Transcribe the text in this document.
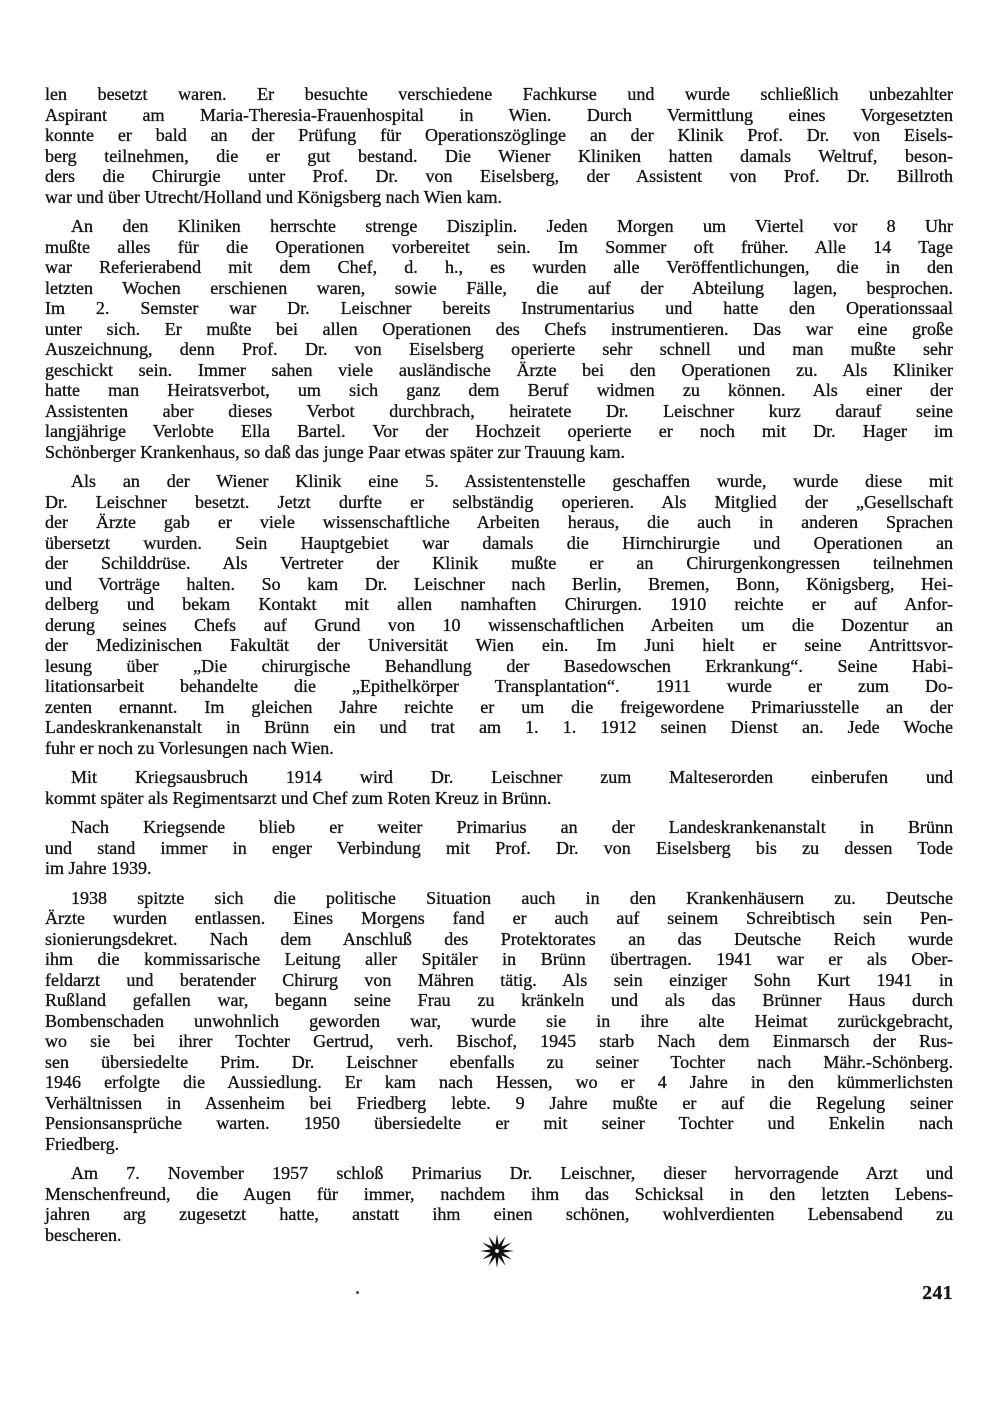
len besetzt waren. Er besuchte verschiedene Fachkurse und wurde schließlich unbezahlter
Aspirant am Maria-Theresia-Frauenhospital in Wien. Durch Vermittlung eines Vorgesetzten
konnte er bald an der Prüfung für Operationszöglinge an der Klinik Prof. Dr. von Eisels-
berg teilnehmen, die er gut bestand. Die Wiener Kliniken hatten damals Weltruf, beson-
ders die Chirurgie unter Prof. Dr. von Eiselsberg, der Assistent von Prof. Dr. Billroth
war und über Utrecht/Holland und Königsberg nach Wien kam.
An den Kliniken herrschte strenge Disziplin. Jeden Morgen um Viertel vor 8 Uhr
mußte alles für die Operationen vorbereitet sein. Im Sommer oft früher. Alle 14 Tage
war Referierabend mit dem Chef, d. h., es wurden alle Veröffentlichungen, die in den
letzten Wochen erschienen waren, sowie Fälle, die auf der Abteilung lagen, besprochen.
Im 2. Semster war Dr. Leischner bereits Instrumentarius und hatte den Operationssaal
unter sich. Er mußte bei allen Operationen des Chefs instrumentieren. Das war eine große
Auszeichnung, denn Prof. Dr. von Eiselsberg operierte sehr schnell und man mußte sehr
geschickt sein. Immer sahen viele ausländische Ärzte bei den Operationen zu. Als Kliniker
hatte man Heiratsverbot, um sich ganz dem Beruf widmen zu können. Als einer der
Assistenten aber dieses Verbot durchbrach, heiratete Dr. Leischner kurz darauf seine
langjährige Verlobte Ella Bartel. Vor der Hochzeit operierte er noch mit Dr. Hager im
Schönberger Krankenhaus, so daß das junge Paar etwas später zur Trauung kam.
Als an der Wiener Klinik eine 5. Assistentenstelle geschaffen wurde, wurde diese mit
Dr. Leischner besetzt. Jetzt durfte er selbständig operieren. Als Mitglied der „Gesellschaft
der Ärzte gab er viele wissenschaftliche Arbeiten heraus, die auch in anderen Sprachen
übersetzt wurden. Sein Hauptgebiet war damals die Hirnchirurgie und Operationen an
der Schilddrüse. Als Vertreter der Klinik mußte er an Chirurgenkongressen teilnehmen
und Vorträge halten. So kam Dr. Leischner nach Berlin, Bremen, Bonn, Königsberg, Hei-
delberg und bekam Kontakt mit allen namhaften Chirurgen. 1910 reichte er auf Anfor-
derung seines Chefs auf Grund von 10 wissenschaftlichen Arbeiten um die Dozentur an
der Medizinischen Fakultät der Universität Wien ein. Im Juni hielt er seine Antrittsvor-
lesung über „Die chirurgische Behandlung der Basedowschen Erkrankung“. Seine Habi-
litationsarbeit behandelte die „Epithelkörper Transplantation“. 1911 wurde er zum Do-
zenten ernannt. Im gleichen Jahre reichte er um die freigewordene Primariusstelle an der
Landeskrankenanstalt in Brünn ein und trat am 1. 1. 1912 seinen Dienst an. Jede Woche
fuhr er noch zu Vorlesungen nach Wien.
Mit Kriegsausbruch 1914 wird Dr. Leischner zum Malteserorden einberufen und
kommt später als Regimentsarzt und Chef zum Roten Kreuz in Brünn.
Nach Kriegsende blieb er weiter Primarius an der Landeskrankenanstalt in Brünn
und stand immer in enger Verbindung mit Prof. Dr. von Eiselsberg bis zu dessen Tode
im Jahre 1939.
1938 spitzte sich die politische Situation auch in den Krankenhäusern zu. Deutsche
Ärzte wurden entlassen. Eines Morgens fand er auch auf seinem Schreibtisch sein Pen-
sionierungsdekret. Nach dem Anschluß des Protektorates an das Deutsche Reich wurde
ihm die kommissarische Leitung aller Spitäler in Brünn übertragen. 1941 war er als Ober-
feldarzt und beratender Chirurg von Mähren tätig. Als sein einziger Sohn Kurt 1941 in
Rußland gefallen war, begann seine Frau zu kränkeln und als das Brünner Haus durch
Bombenschaden unwohnlich geworden war, wurde sie in ihre alte Heimat zurückgebracht,
wo sie bei ihrer Tochter Gertrud, verh. Bischof, 1945 starb Nach dem Einmarsch der Rus-
sen übersiedelte Prim. Dr. Leischner ebenfalls zu seiner Tochter nach Mähr.-Schönberg.
1946 erfolgte die Aussiedlung. Er kam nach Hessen, wo er 4 Jahre in den kümmerlichsten
Verhältnissen in Assenheim bei Friedberg lebte. 9 Jahre mußte er auf die Regelung seiner
Pensionsansprüche warten. 1950 übersiedelte er mit seiner Tochter und Enkelin nach
Friedberg.
Am 7. November 1957 schloß Primarius Dr. Leischner, dieser hervorragende Arzt und
Menschenfreund, die Augen für immer, nachdem ihm das Schicksal in den letzten Lebens-
jahren arg zugesetzt hatte, anstatt ihm einen schönen, wohlverdienten Lebensabend zu
bescheren.
241
